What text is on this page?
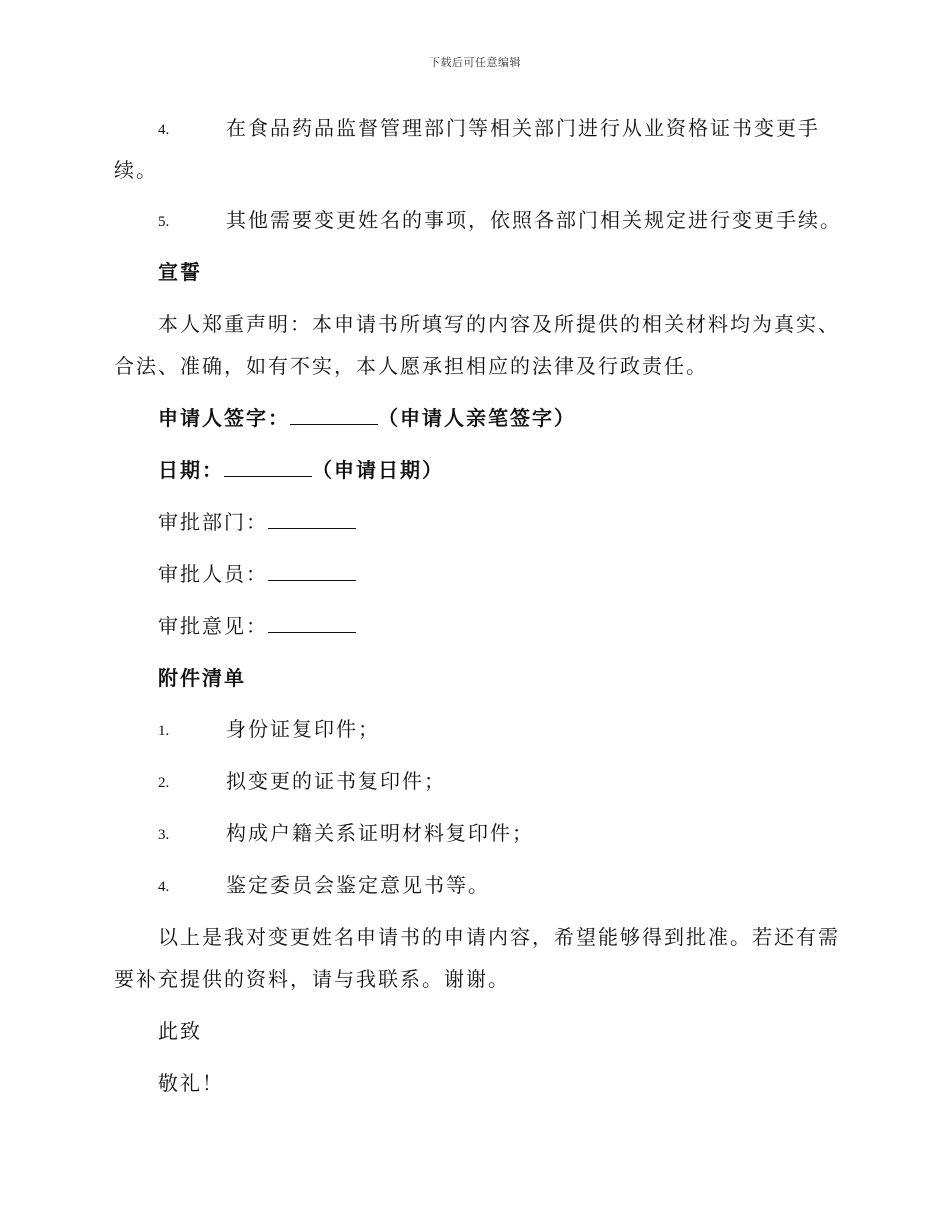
下载后可任意编辑
4.	在食品药品监督管理部门等相关部门进行从业资格证书变更手
续。
5.	其他需要变更姓名的事项，依照各部门相关规定进行变更手续。
宣誓
本人郑重声明：本申请书所填写的内容及所提供的相关材料均为真实、
合法、准确，如有不实，本人愿承担相应的法律及行政责任。
申请人签字：	（申请人亲笔签字）
日期：	（申请日期）
审批部门：
审批人员：
审批意见：
附件清单
1.	身份证复印件；
2.	拟变更的证书复印件；
3.	构成户籍关系证明材料复印件；
4.	鉴定委员会鉴定意见书等。
以上是我对变更姓名申请书的申请内容，希望能够得到批准。若还有需
要补充提供的资料，请与我联系。谢谢。
此致
敬礼！
